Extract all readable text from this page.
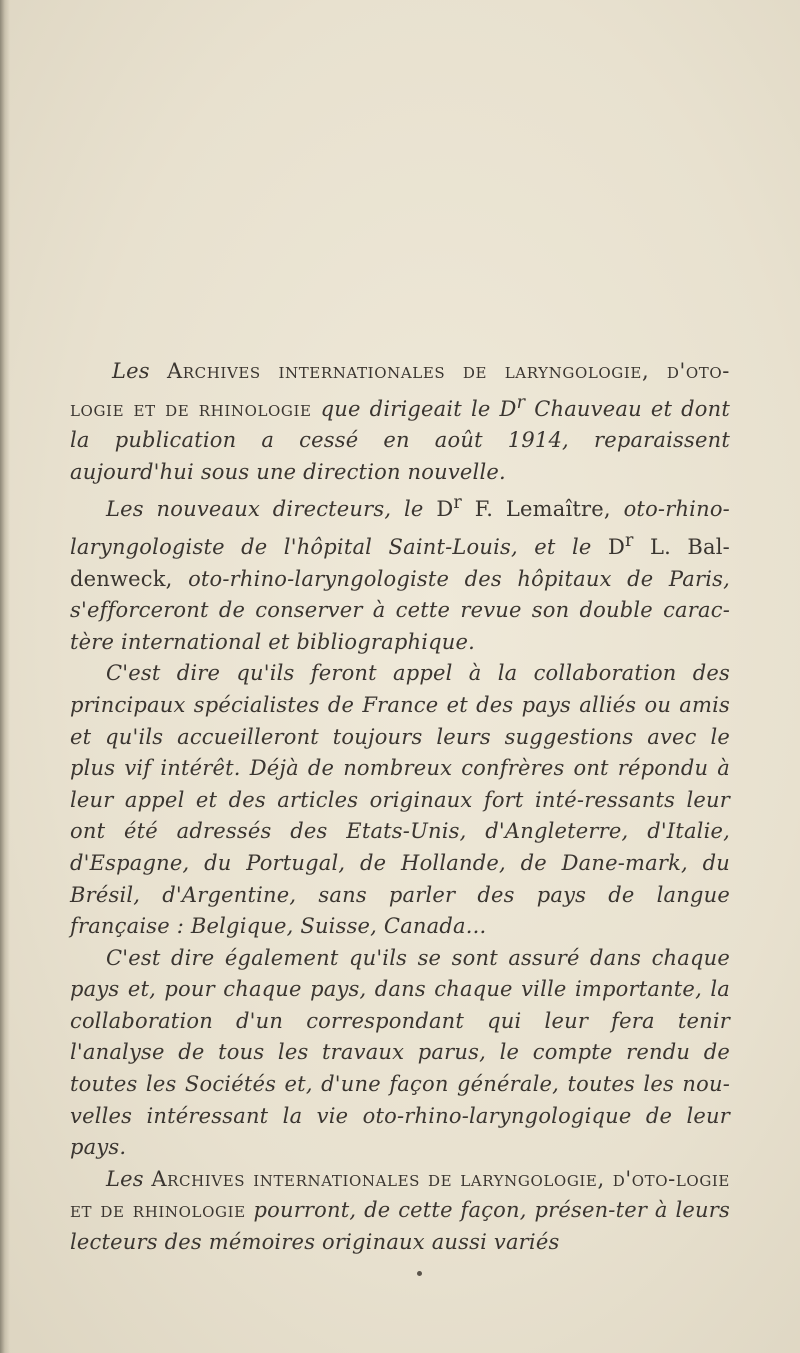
Les Archives internationales de laryngologie, d'oto-logie et de rhinologie que dirigeait le $D^r$ Chauveau et dont la publication a cessé en août 1914, reparaissent aujourd'hui sous une direction nouvelle.

Les nouveaux directeurs, le $D^r$ F. Lemaître, oto-rhino-laryngologiste de l'hôpital Saint-Louis, et le $D^r$ L. Bal-denweck, oto-rhino-laryngologiste des hôpitaux de Paris, s'efforceront de conserver à cette revue son double carac-tère international et bibliographique.

C'est dire qu'ils feront appel à la collaboration des principaux spécialistes de France et des pays alliés ou amis et qu'ils accueilleront toujours leurs suggestions avec le plus vif intérêt. Déjà de nombreux confrères ont répondu à leur appel et des articles originaux fort inté-ressants leur ont été adressés des Etats-Unis, d'Angleterre, d'Italie, d'Espagne, du Portugal, de Hollande, de Dane-mark, du Brésil, d'Argentine, sans parler des pays de langue française : Belgique, Suisse, Canada...

C'est dire également qu'ils se sont assuré dans chaque pays et, pour chaque pays, dans chaque ville importante, la collaboration d'un correspondant qui leur fera tenir l'analyse de tous les travaux parus, le compte rendu de toutes les Sociétés et, d'une façon générale, toutes les nou-velles intéressant la vie oto-rhino-laryngologique de leur pays.

Les Archives internationales de laryngologie, d'oto-logie et de rhinologie pourront, de cette façon, présen-ter à leurs lecteurs des mémoires originaux aussi variés
